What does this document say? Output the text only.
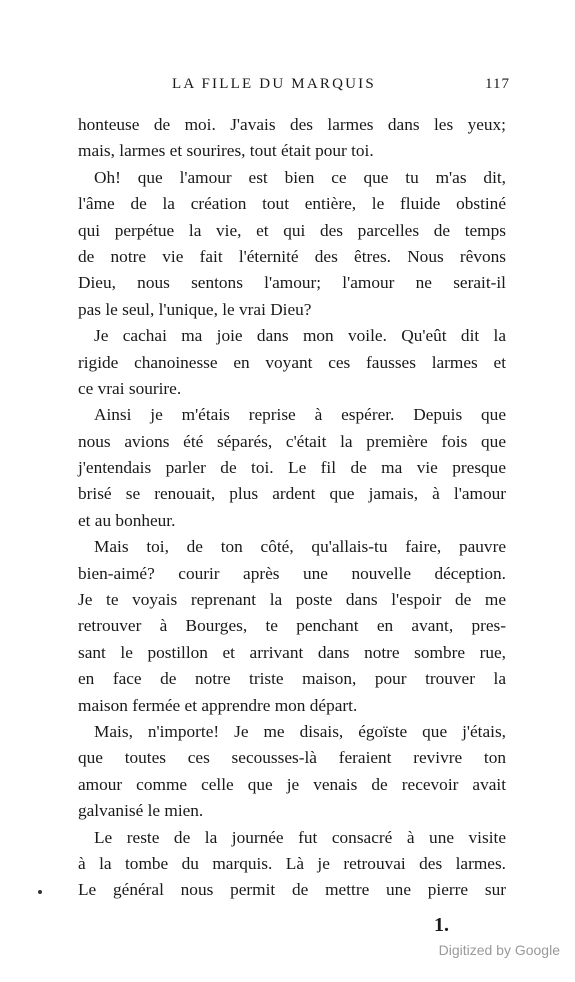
LA FILLE DU MARQUIS	117
honteuse de moi. J'avais des larmes dans les yeux;
mais, larmes et sourires, tout était pour toi.
Oh! que l'amour est bien ce que tu m'as dit,
l'âme de la création tout entière, le fluide obstiné
qui perpétue la vie, et qui des parcelles de temps
de notre vie fait l'éternité des êtres. Nous rêvons
Dieu, nous sentons l'amour; l'amour ne serait-il
pas le seul, l'unique, le vrai Dieu?
Je cachai ma joie dans mon voile. Qu'eût dit la
rigide chanoinesse en voyant ces fausses larmes et
ce vrai sourire.
Ainsi je m'étais reprise à espérer. Depuis que
nous avions été séparés, c'était la première fois que
j'entendais parler de toi. Le fil de ma vie presque
brisé se renouait, plus ardent que jamais, à l'amour
et au bonheur.
Mais toi, de ton côté, qu'allais-tu faire, pauvre
bien-aimé? courir après une nouvelle déception.
Je te voyais reprenant la poste dans l'espoir de me
retrouver à Bourges, te penchant en avant, pres-
sant le postillon et arrivant dans notre sombre rue,
en face de notre triste maison, pour trouver la
maison fermée et apprendre mon départ.
Mais, n'importe! Je me disais, égoïste que j'étais,
que toutes ces secousses-là feraient revivre ton
amour comme celle que je venais de recevoir avait
galvanisé le mien.
Le reste de la journée fut consacré à une visite
à la tombe du marquis. Là je retrouvai des larmes.
Le général nous permit de mettre une pierre sur
1.
Digitized by Google
